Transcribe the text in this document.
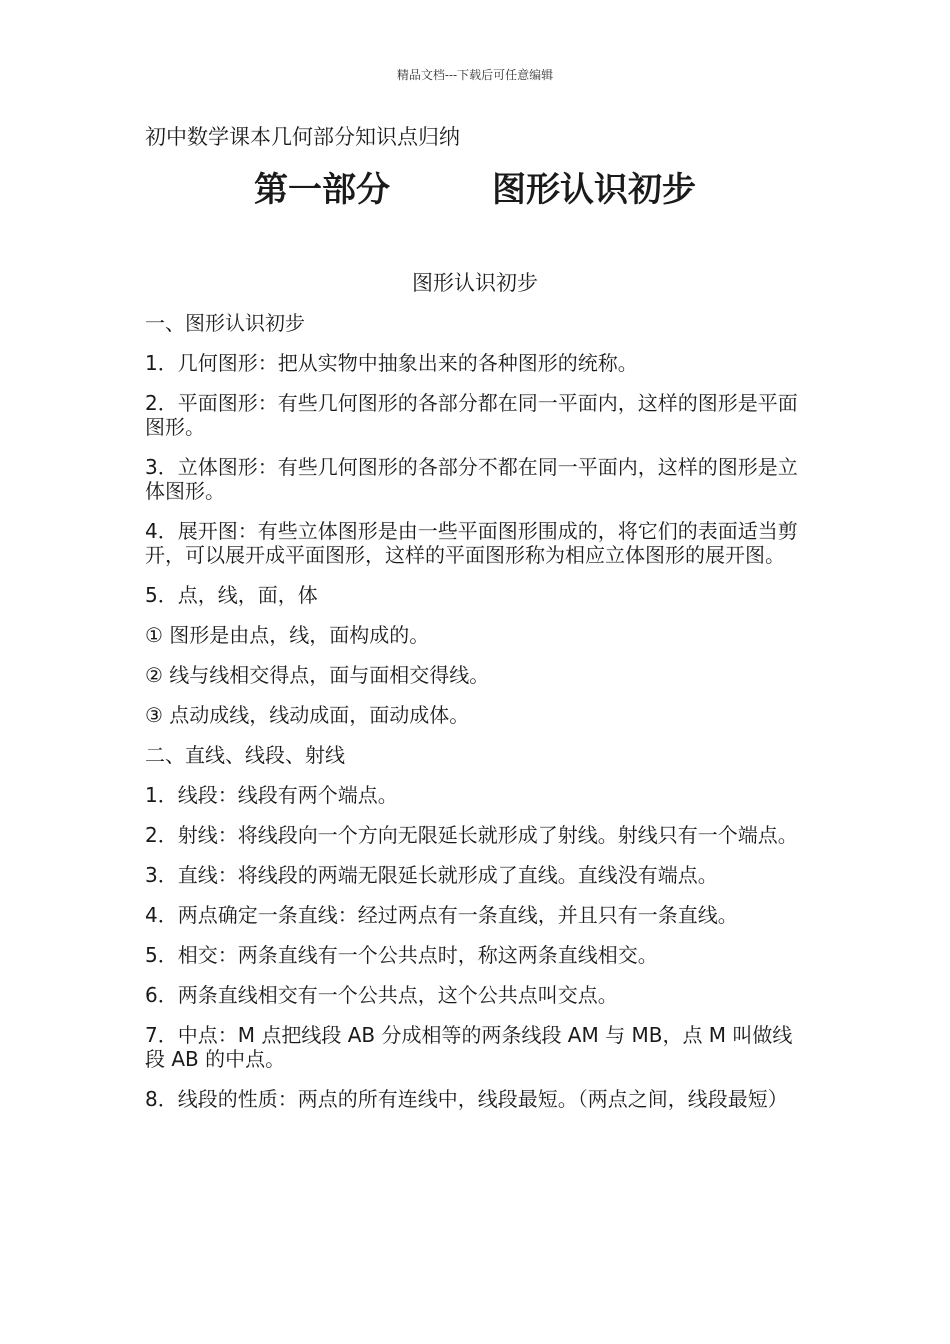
精品文档---下载后可任意编辑
初中数学课本几何部分知识点归纳
第一部分　　　图形认识初步
图形认识初步

一、图形认识初步

1．几何图形：把从实物中抽象出来的各种图形的统称。

2．平面图形：有些几何图形的各部分都在同一平面内，这样的图形是平面图形。

3．立体图形：有些几何图形的各部分不都在同一平面内，这样的图形是立体图形。

4．展开图：有些立体图形是由一些平面图形围成的，将它们的表面适当剪开，可以展开成平面图形，这样的平面图形称为相应立体图形的展开图。

5．点，线，面，体

① 图形是由点，线，面构成的。

② 线与线相交得点，面与面相交得线。

③ 点动成线，线动成面，面动成体。

二、直线、线段、射线

1．线段：线段有两个端点。

2．射线：将线段向一个方向无限延长就形成了射线。射线只有一个端点。

3．直线：将线段的两端无限延长就形成了直线。直线没有端点。

4．两点确定一条直线：经过两点有一条直线，并且只有一条直线。

5．相交：两条直线有一个公共点时，称这两条直线相交。

6．两条直线相交有一个公共点，这个公共点叫交点。

7．中点：M 点把线段 AB 分成相等的两条线段 AM 与 MB，点 M 叫做线段 AB 的中点。

8．线段的性质：两点的所有连线中，线段最短。（两点之间，线段最短）
